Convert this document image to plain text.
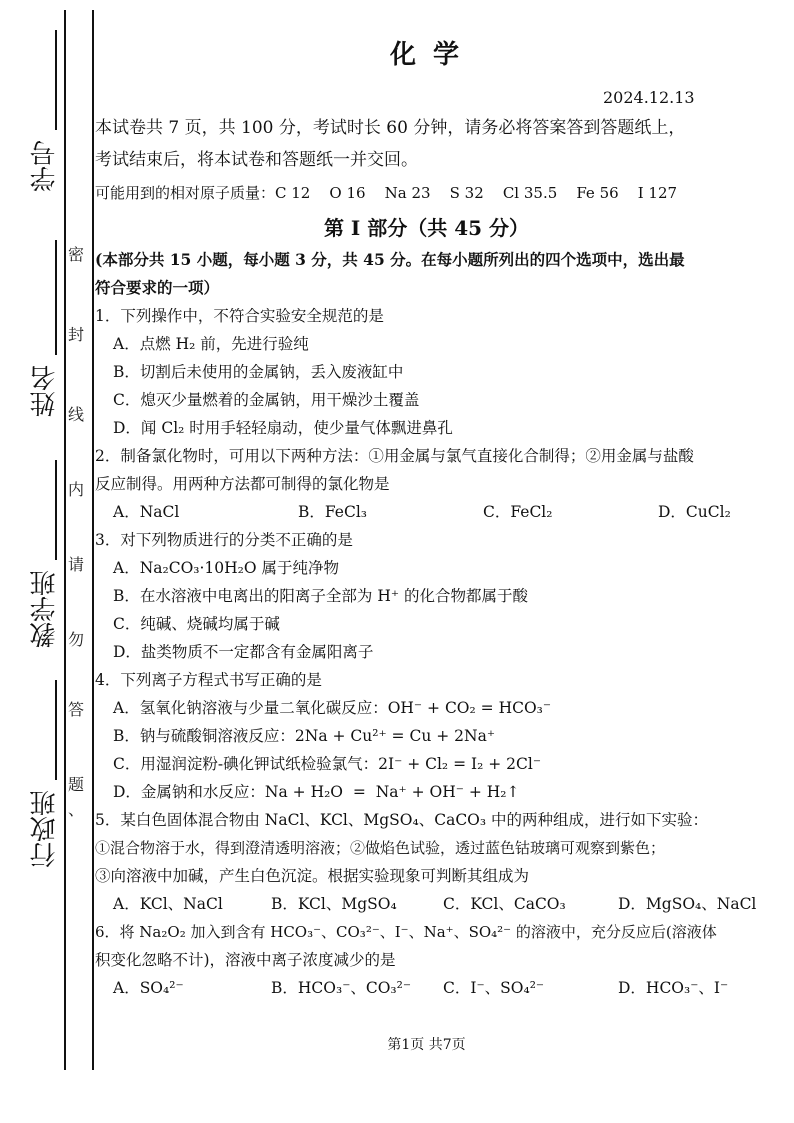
学号
姓名
教学班
行政班
密
封
线
内
请
勿
答
题
、
化 学
2024.12.13
本试卷共 7 页，共 100 分，考试时长 60 分钟，请务必将答案答到答题纸上，
考试结束后，将本试卷和答题纸一并交回。
可能用到的相对原子质量：C 12    O 16    Na 23    S 32    Cl 35.5    Fe 56    I 127
第 I 部分（共 45 分）
(本部分共 15 小题，每小题 3 分，共 45 分。在每小题所列出的四个选项中，选出最
符合要求的一项）
1．下列操作中，不符合实验安全规范的是
A．点燃 H₂ 前，先进行验纯
B．切割后未使用的金属钠，丢入废液缸中
C．熄灭少量燃着的金属钠，用干燥沙土覆盖
D．闻 Cl₂ 时用手轻轻扇动，使少量气体飘进鼻孔
2．制备氯化物时，可用以下两种方法：①用金属与氯气直接化合制得；②用金属与盐酸
反应制得。用两种方法都可制得的氯化物是
A．NaCl	B．FeCl₃	C．FeCl₂	D．CuCl₂
3．对下列物质进行的分类不正确的是
A．Na₂CO₃·10H₂O 属于纯净物
B．在水溶液中电离出的阳离子全部为 H⁺ 的化合物都属于酸
C．纯碱、烧碱均属于碱
D．盐类物质不一定都含有金属阳离子
4．下列离子方程式书写正确的是
A．氢氧化钠溶液与少量二氧化碳反应：OH⁻ + CO₂ = HCO₃⁻
B．钠与硫酸铜溶液反应：2Na + Cu²⁺ = Cu + 2Na⁺
C．用湿润淀粉-碘化钾试纸检验氯气：2I⁻ + Cl₂ = I₂ + 2Cl⁻
D．金属钠和水反应：Na + H₂O  =  Na⁺ + OH⁻ + H₂↑
5．某白色固体混合物由 NaCl、KCl、MgSO₄、CaCO₃ 中的两种组成，进行如下实验：
①混合物溶于水，得到澄清透明溶液；②做焰色试验，透过蓝色钴玻璃可观察到紫色；
③向溶液中加碱，产生白色沉淀。根据实验现象可判断其组成为
A．KCl、NaCl	B．KCl、MgSO₄	C．KCl、CaCO₃	D．MgSO₄、NaCl
6．将 Na₂O₂ 加入到含有 HCO₃⁻、CO₃²⁻、I⁻、Na⁺、SO₄²⁻ 的溶液中，充分反应后(溶液体
积变化忽略不计)，溶液中离子浓度减少的是
A．SO₄²⁻	B．HCO₃⁻、CO₃²⁻	C．I⁻、SO₄²⁻	D．HCO₃⁻、I⁻
第1页 共7页
